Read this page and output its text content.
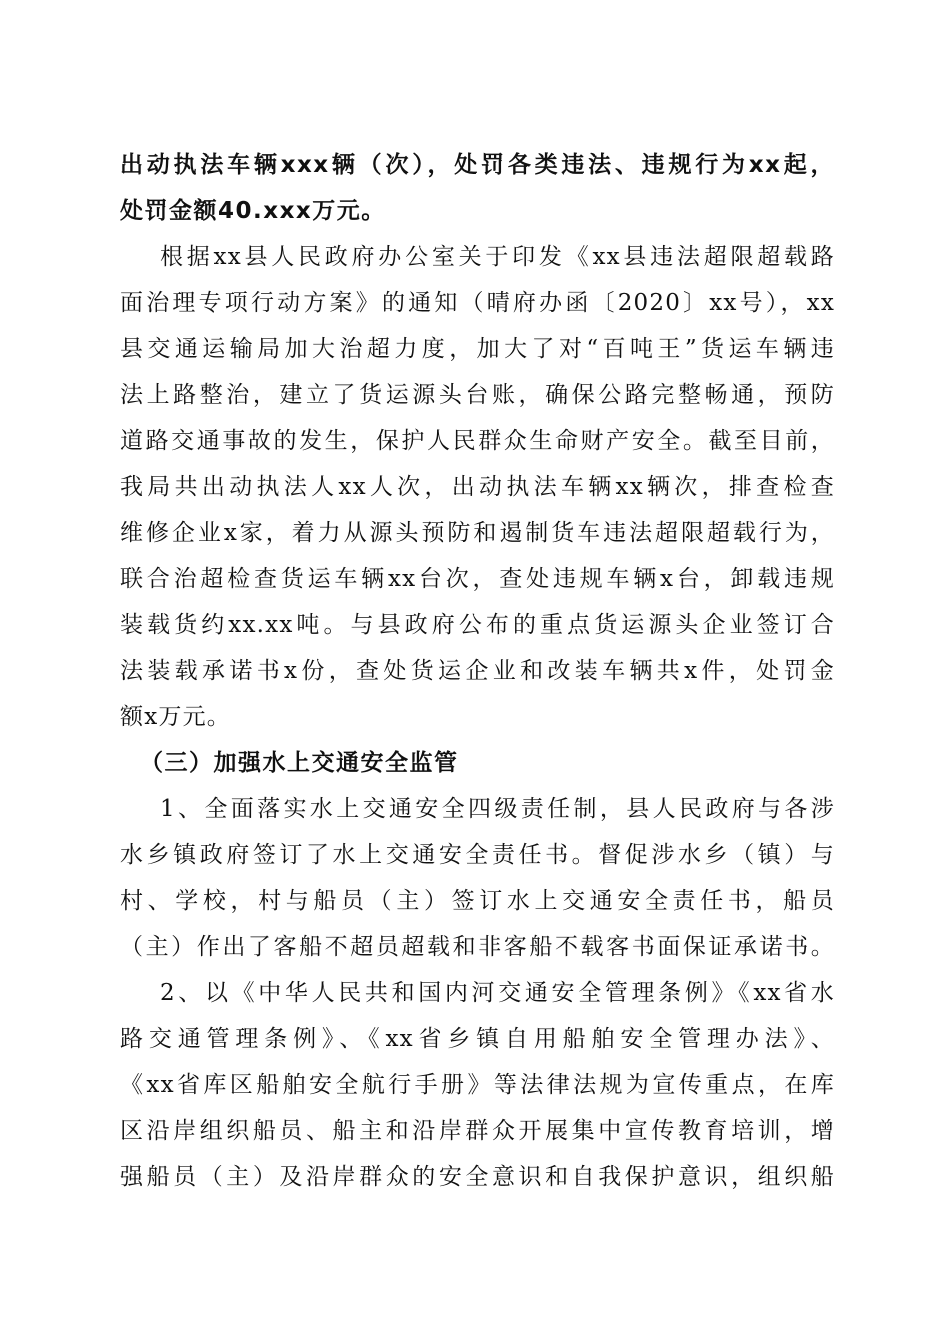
出动执法车辆xxx辆（次），处罚各类违法、违规行为xx起，
处罚金额40.xxx万元。
根据xx县人民政府办公室关于印发《xx县违法超限超载路
面治理专项行动方案》的通知（晴府办函〔2020〕xx号），xx
县交通运输局加大治超力度，加大了对“百吨王”货运车辆违
法上路整治，建立了货运源头台账，确保公路完整畅通，预防
道路交通事故的发生，保护人民群众生命财产安全。截至目前，
我局共出动执法人xx人次，出动执法车辆xx辆次，排查检查
维修企业x家，着力从源头预防和遏制货车违法超限超载行为，
联合治超检查货运车辆xx台次，查处违规车辆x台，卸载违规
装载货约xx.xx吨。与县政府公布的重点货运源头企业签订合
法装载承诺书x份，查处货运企业和改装车辆共x件，处罚金
额x万元。
（三）加强水上交通安全监管
1、全面落实水上交通安全四级责任制，县人民政府与各涉
水乡镇政府签订了水上交通安全责任书。督促涉水乡（镇）与
村、学校，村与船员（主）签订水上交通安全责任书，船员
（主）作出了客船不超员超载和非客船不载客书面保证承诺书。
2、以《中华人民共和国内河交通安全管理条例》《xx省水
路交通管理条例》、《xx省乡镇自用船舶安全管理办法》、
《xx省库区船舶安全航行手册》等法律法规为宣传重点，在库
区沿岸组织船员、船主和沿岸群众开展集中宣传教育培训，增
强船员（主）及沿岸群众的安全意识和自我保护意识，组织船
